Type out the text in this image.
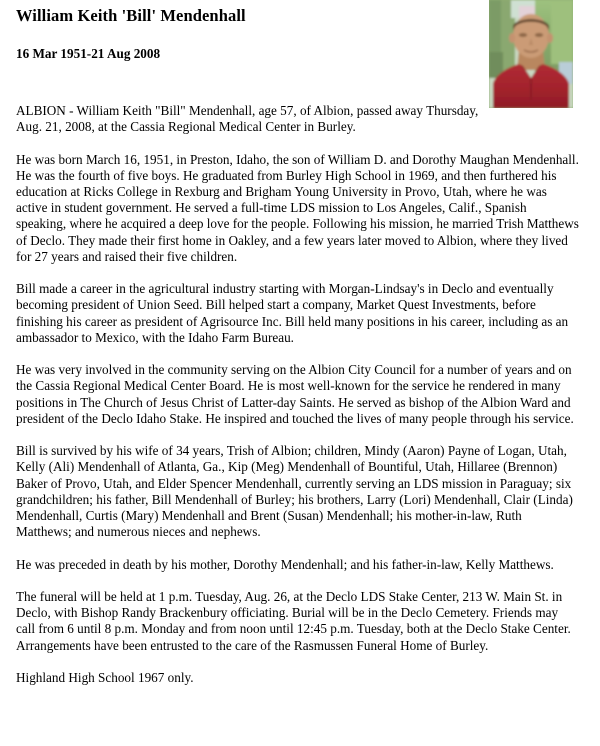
William Keith 'Bill' Mendenhall
16 Mar 1951-21 Aug 2008

ALBION - William Keith "Bill" Mendenhall, age 57, of Albion, passed away Thursday, Aug. 21, 2008, at the Cassia Regional Medical Center in Burley.

He was born March 16, 1951, in Preston, Idaho, the son of William D. and Dorothy Maughan Mendenhall. He was the fourth of five boys. He graduated from Burley High School in 1969, and then furthered his education at Ricks College in Rexburg and Brigham Young University in Provo, Utah, where he was active in student government. He served a full-time LDS mission to Los Angeles, Calif., Spanish speaking, where he acquired a deep love for the people. Following his mission, he married Trish Matthews of Declo. They made their first home in Oakley, and a few years later moved to Albion, where they lived for 27 years and raised their five children.

Bill made a career in the agricultural industry starting with Morgan-Lindsay's in Declo and eventually becoming president of Union Seed. Bill helped start a company, Market Quest Investments, before finishing his career as president of Agrisource Inc. Bill held many positions in his career, including as an ambassador to Mexico, with the Idaho Farm Bureau.

He was very involved in the community serving on the Albion City Council for a number of years and on the Cassia Regional Medical Center Board. He is most well-known for the service he rendered in many positions in The Church of Jesus Christ of Latter-day Saints. He served as bishop of the Albion Ward and president of the Declo Idaho Stake. He inspired and touched the lives of many people through his service.

Bill is survived by his wife of 34 years, Trish of Albion; children, Mindy (Aaron) Payne of Logan, Utah, Kelly (Ali) Mendenhall of Atlanta, Ga., Kip (Meg) Mendenhall of Bountiful, Utah, Hillaree (Brennon) Baker of Provo, Utah, and Elder Spencer Mendenhall, currently serving an LDS mission in Paraguay; six grandchildren; his father, Bill Mendenhall of Burley; his brothers, Larry (Lori) Mendenhall, Clair (Linda) Mendenhall, Curtis (Mary) Mendenhall and Brent (Susan) Mendenhall; his mother-in-law, Ruth Matthews; and numerous nieces and nephews.

He was preceded in death by his mother, Dorothy Mendenhall; and his father-in-law, Kelly Matthews.

The funeral will be held at 1 p.m. Tuesday, Aug. 26, at the Declo LDS Stake Center, 213 W. Main St. in Declo, with Bishop Randy Brackenbury officiating. Burial will be in the Declo Cemetery. Friends may call from 6 until 8 p.m. Monday and from noon until 12:45 p.m. Tuesday, both at the Declo Stake Center. Arrangements have been entrusted to the care of the Rasmussen Funeral Home of Burley.

Highland High School 1967 only.
